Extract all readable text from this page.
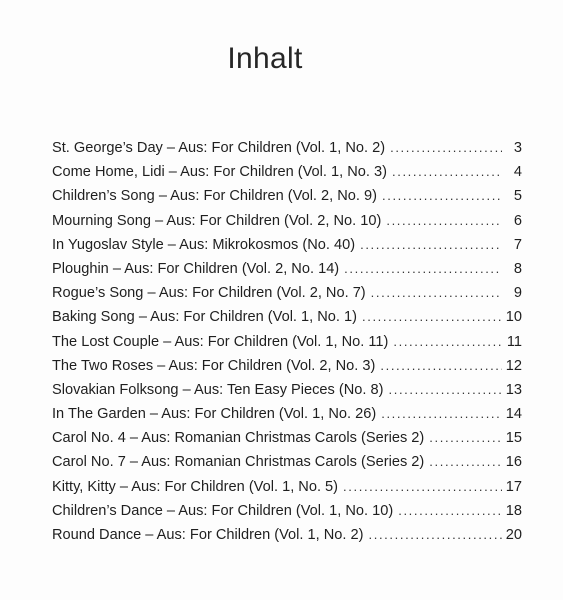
Inhalt
St. George’s Day – Aus: For Children (Vol. 1, No. 2) . . .	3
Come Home, Lidi – Aus: For Children (Vol. 1, No. 3) . . .	4
Children’s Song – Aus: For Children (Vol. 2, No. 9) . . .	5
Mourning Song – Aus: For Children (Vol. 2, No. 10) . . .	6
In Yugoslav Style – Aus: Mikrokosmos (No. 40) . . .	7
Ploughin – Aus: For Children (Vol. 2, No. 14) . . .	8
Rogue’s Song – Aus: For Children (Vol. 2, No. 7) . . .	9
Baking Song – Aus: For Children (Vol. 1, No. 1) . . .	10
The Lost Couple – Aus: For Children (Vol. 1, No. 11) . . .	11
The Two Roses – Aus: For Children (Vol. 2, No. 3) . . .	12
Slovakian Folksong – Aus: Ten Easy Pieces (No. 8) . . .	13
In The Garden – Aus: For Children (Vol. 1, No. 26) . . .	14
Carol No. 4 – Aus: Romanian Christmas Carols (Series 2) . . .	15
Carol No. 7 – Aus: Romanian Christmas Carols (Series 2) . . .	16
Kitty, Kitty – Aus: For Children (Vol. 1, No. 5) . . .	17
Children’s Dance – Aus: For Children (Vol. 1, No. 10) . . .	18
Round Dance – Aus: For Children (Vol. 1, No. 2) . . .	20
